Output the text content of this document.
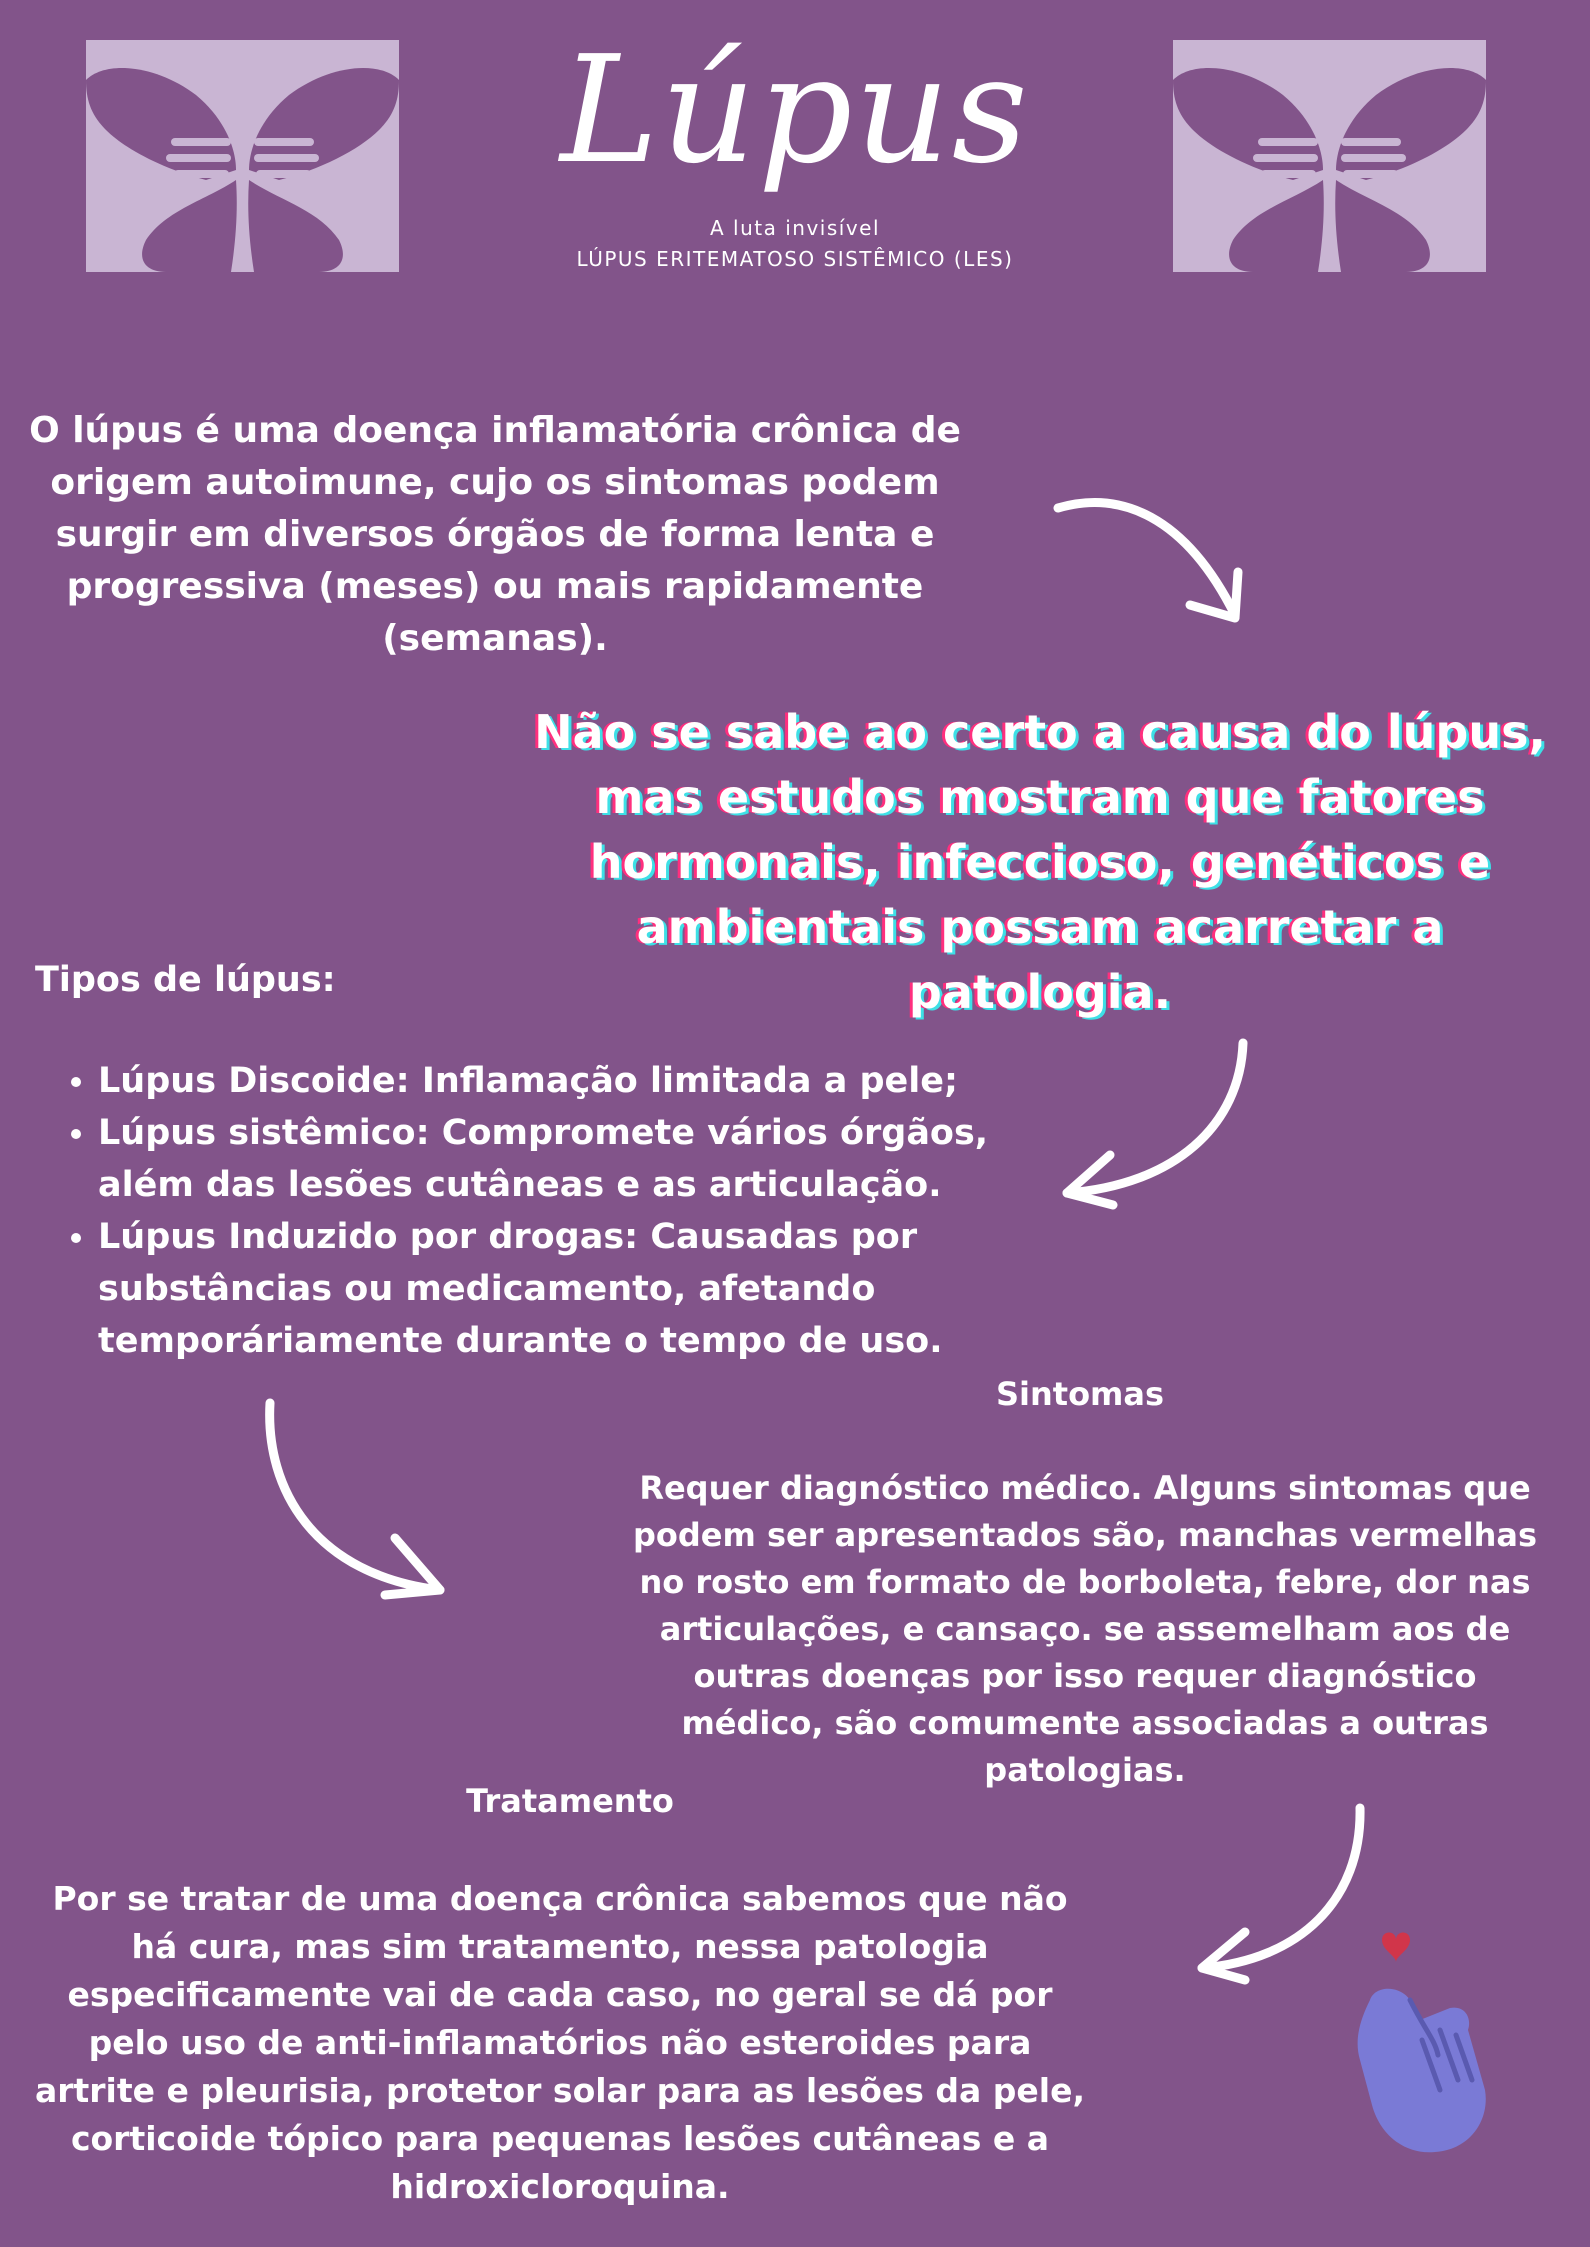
Lúpus
A luta invisível
LÚPUS ERITEMATOSO SISTÊMICO (LES)
O lúpus é uma doença inflamatória crônica de origem autoimune, cujo os sintomas podem surgir em diversos órgãos de forma lenta e progressiva (meses) ou mais rapidamente (semanas).
Não se sabe ao certo a causa do lúpus, mas estudos mostram que fatores hormonais, infeccioso, genéticos e ambientais possam acarretar a patologia.
Tipos de lúpus:
• Lúpus Discoide: Inflamação limitada a pele;
• Lúpus sistêmico: Compromete vários órgãos, além das lesões cutâneas e as articulação.
• Lúpus Induzido por drogas: Causadas por substâncias ou medicamento, afetando temporáriamente durante o tempo de uso.
Sintomas
Requer diagnóstico médico. Alguns sintomas que podem ser apresentados são, manchas vermelhas no rosto em formato de borboleta, febre, dor nas articulações, e cansaço. se assemelham aos de outras doenças por isso requer diagnóstico médico, são comumente associadas a outras patologias.
Tratamento
Por se tratar de uma doença crônica sabemos que não há cura, mas sim tratamento, nessa patologia especificamente vai de cada caso, no geral se dá por pelo uso de anti-inflamatórios não esteroides para artrite e pleurisia, protetor solar para as lesões da pele, corticoide tópico para pequenas lesões cutâneas e a hidroxicloroquina.
